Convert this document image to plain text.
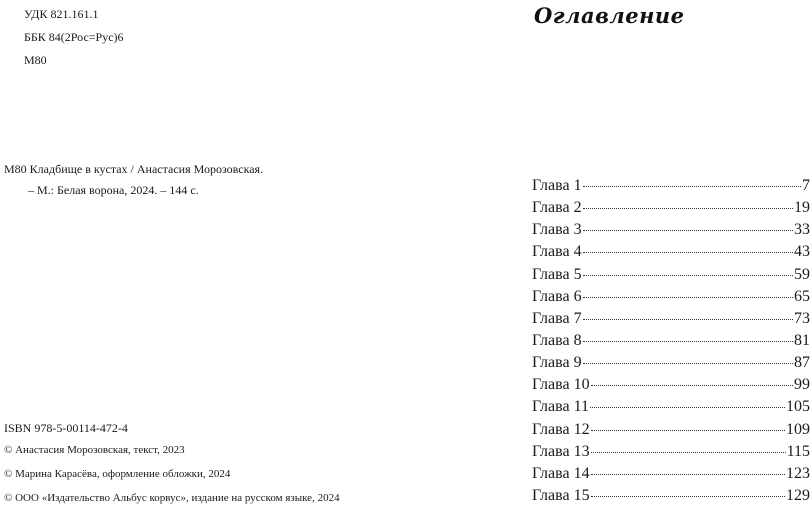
УДК 821.161.1
ББК 84(2Рос=Рус)6
М80
М80 Кладбище в кустах / Анастасия Морозовская.
– М.: Белая ворона, 2024. – 144 с.
ISBN 978-5-00114-472-4
© Анастасия Морозовская, текст, 2023
© Марина Карасёва, оформление обложки, 2024
© ООО «Издательство Альбус корвус», издание на русском языке, 2024
Оглавление
Глава 1	7
Глава 2	19
Глава 3	33
Глава 4	43
Глава 5	59
Глава 6	65
Глава 7	73
Глава 8	81
Глава 9	87
Глава 10	99
Глава 11	105
Глава 12	109
Глава 13	115
Глава 14	123
Глава 15	129
